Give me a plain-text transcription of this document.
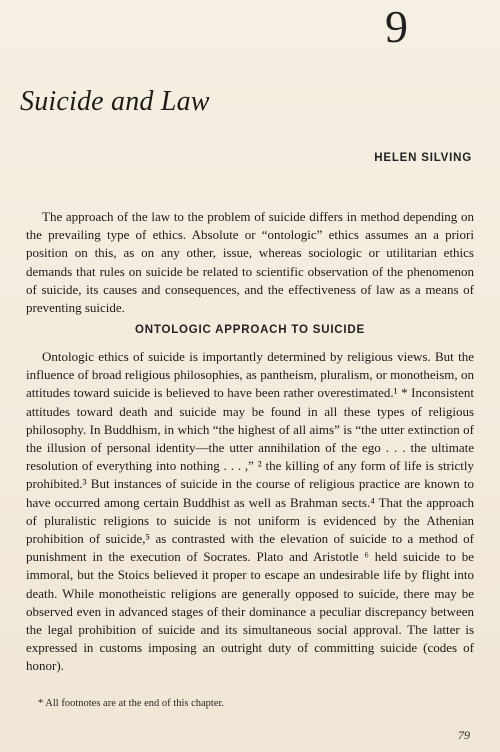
9
Suicide and Law
HELEN SILVING

The approach of the law to the problem of suicide differs in method depending on the prevailing type of ethics. Absolute or “ontologic” ethics assumes an a priori position on this, as on any other, issue, whereas sociologic or utilitarian ethics demands that rules on suicide be related to scientific observation of the phenomenon of suicide, its causes and consequences, and the effectiveness of law as a means of preventing suicide.

ONTOLOGIC APPROACH TO SUICIDE

Ontologic ethics of suicide is importantly determined by religious views. But the influence of broad religious philosophies, as pantheism, pluralism, or monotheism, on attitudes toward suicide is believed to have been rather overestimated.¹ * Inconsistent attitudes toward death and suicide may be found in all these types of religious philosophy. In Buddhism, in which “the highest of all aims” is “the utter extinction of the illusion of personal identity—the utter annihilation of the ego . . . the ultimate resolution of everything into nothing . . . ,” ² the killing of any form of life is strictly prohibited.³ But instances of suicide in the course of religious practice are known to have occurred among certain Buddhist as well as Brahman sects.⁴ That the approach of pluralistic religions to suicide is not uniform is evidenced by the Athenian prohibition of suicide,⁵ as contrasted with the elevation of suicide to a method of punishment in the execution of Socrates. Plato and Aristotle ⁶ held suicide to be immoral, but the Stoics believed it proper to escape an undesirable life by flight into death. While monotheistic religions are generally opposed to suicide, there may be observed even in advanced stages of their dominance a peculiar discrepancy between the legal prohibition of suicide and its simultaneous social approval. The latter is expressed in customs imposing an outright duty of committing suicide (codes of honor).

* All footnotes are at the end of this chapter.
79
